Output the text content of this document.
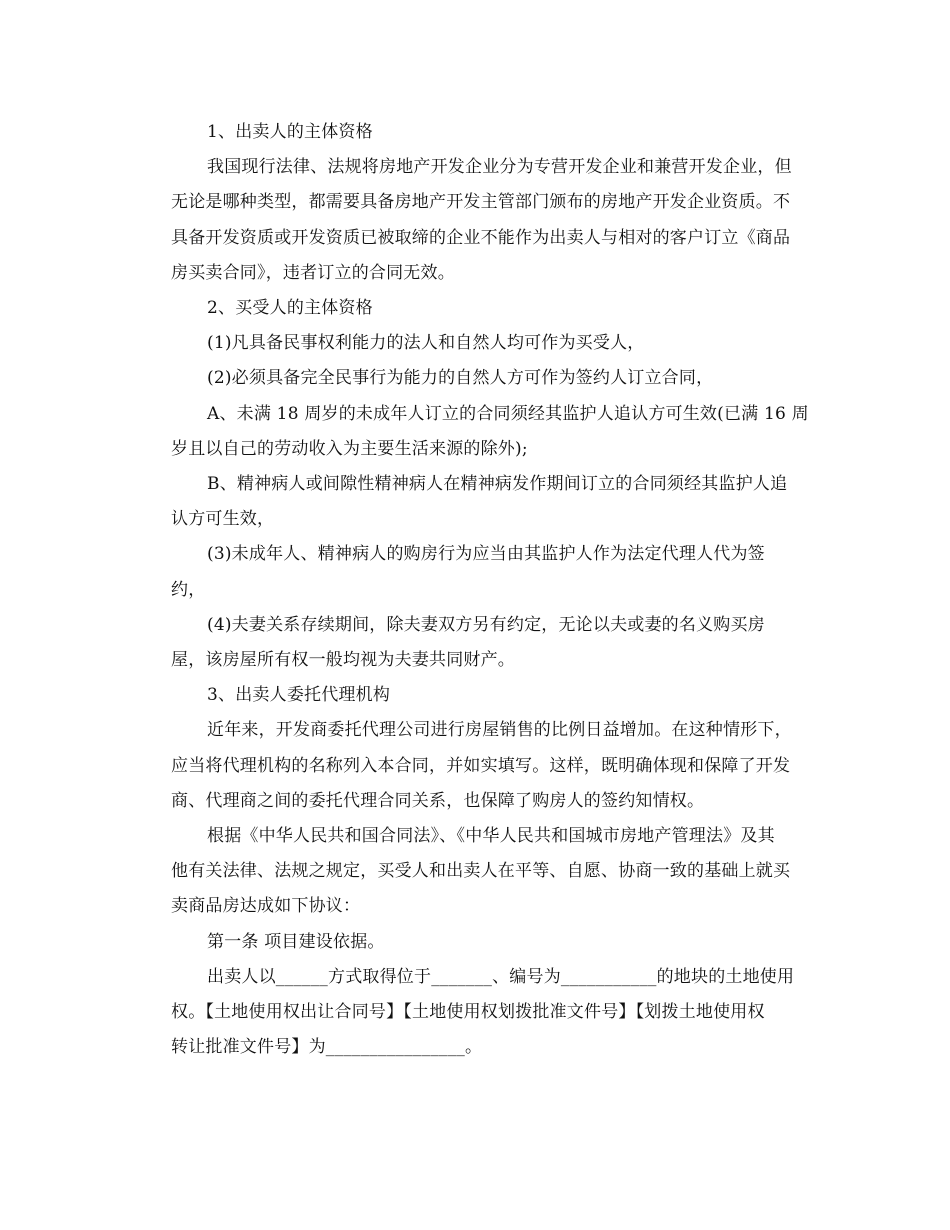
1、出卖人的主体资格

我国现行法律、法规将房地产开发企业分为专营开发企业和兼营开发企业，但
无论是哪种类型，都需要具备房地产开发主管部门颁布的房地产开发企业资质。不
具备开发资质或开发资质已被取缔的企业不能作为出卖人与相对的客户订立《商品
房买卖合同》，违者订立的合同无效。

2、买受人的主体资格

(1)凡具备民事权利能力的法人和自然人均可作为买受人，

(2)必须具备完全民事行为能力的自然人方可作为签约人订立合同，

A、未满 18 周岁的未成年人订立的合同须经其监护人追认方可生效(已满 16 周
岁且以自己的劳动收入为主要生活来源的除外);

B、精神病人或间隙性精神病人在精神病发作期间订立的合同须经其监护人追
认方可生效，

(3)未成年人、精神病人的购房行为应当由其监护人作为法定代理人代为签
约，

(4)夫妻关系存续期间，除夫妻双方另有约定，无论以夫或妻的名义购买房
屋，该房屋所有权一般均视为夫妻共同财产。

3、出卖人委托代理机构

近年来，开发商委托代理公司进行房屋销售的比例日益增加。在这种情形下，
应当将代理机构的名称列入本合同，并如实填写。这样，既明确体现和保障了开发
商、代理商之间的委托代理合同关系，也保障了购房人的签约知情权。

根据《中华人民共和国合同法》、《中华人民共和国城市房地产管理法》及其
他有关法律、法规之规定，买受人和出卖人在平等、自愿、协商一致的基础上就买
卖商品房达成如下协议：

第一条 项目建设依据。

出卖人以______方式取得位于_______、编号为___________的地块的土地使用
权。【土地使用权出让合同号】【土地使用权划拨批准文件号】【划拨土地使用权
转让批准文件号】为________________。
